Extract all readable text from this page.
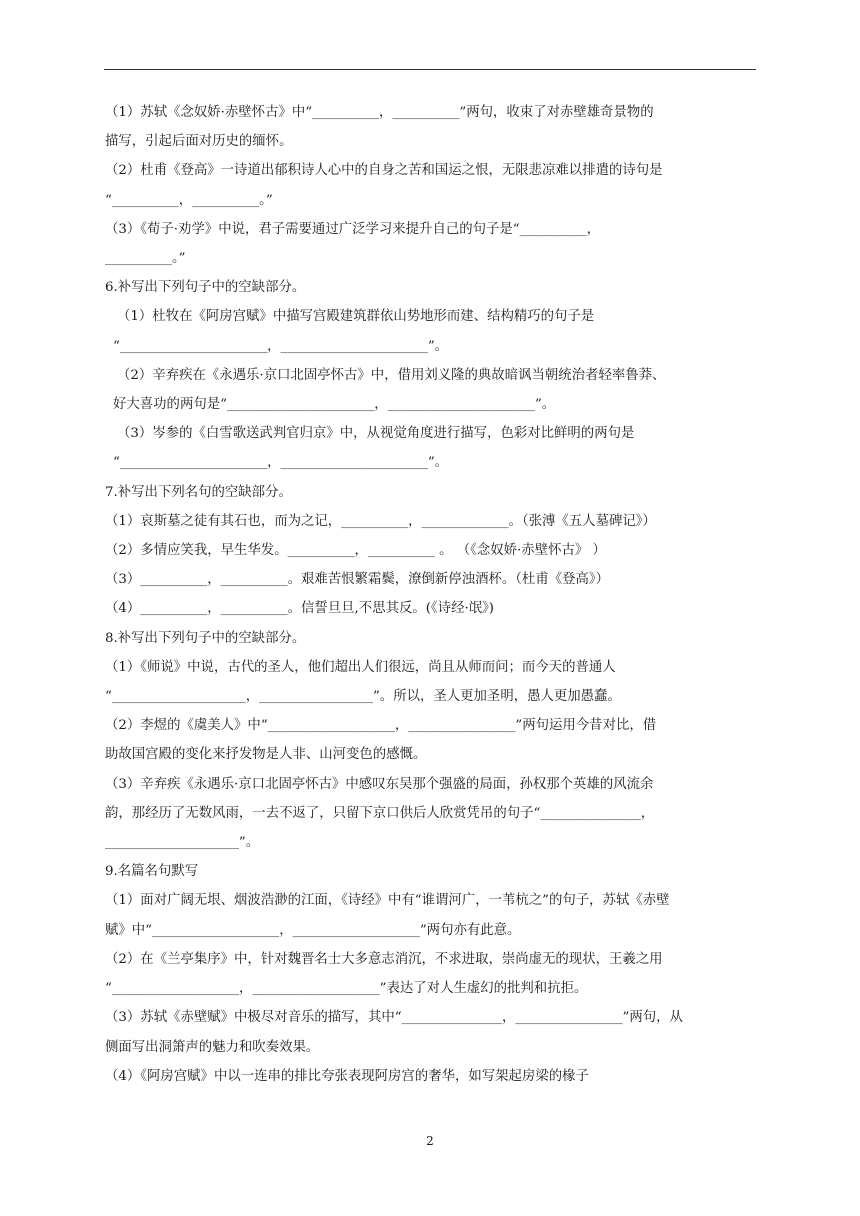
（1）苏轼《念奴娇·赤壁怀古》中“__________，__________”两句，收束了对赤壁雄奇景物的
描写，引起后面对历史的缅怀。
（2）杜甫《登高》一诗道出郁积诗人心中的自身之苦和国运之恨，无限悲凉难以排遣的诗句是
“__________，__________。”
（3）《荀子·劝学》中说，君子需要通过广泛学习来提升自己的句子是“__________，
__________。”
6.补写出下列句子中的空缺部分。
（1）杜牧在《阿房宫赋》中描写宫殿建筑群依山势地形而建、结构精巧的句子是
“______________________，______________________”。
（2）辛弃疾在《永遇乐·京口北固亭怀古》中，借用刘义隆的典故暗讽当朝统治者轻率鲁莽、
好大喜功的两句是“______________________，______________________”。
（3）岑参的《白雪歌送武判官归京》中，从视觉角度进行描写，色彩对比鲜明的两句是
“______________________，______________________”。
7.补写出下列名句的空缺部分。
（1）哀斯墓之徒有其石也，而为之记，__________，_____________。（张溥《五人墓碑记》）
（2）多情应笑我，早生华发。__________，__________ 。 （《念奴娇·赤壁怀古》 ）
（3）__________，__________。艰难苦恨繁霜鬓，潦倒新停浊酒杯。（杜甫《登高》）
（4）__________，__________。信誓旦旦,不思其反。(《诗经·氓》)
8.补写出下列句子中的空缺部分。
（1）《师说》中说，古代的圣人，他们超出人们很远，尚且从师而问；而今天的普通人
“____________________，_________________”。所以，圣人更加圣明，愚人更加愚蠢。
（2）李煜的《虞美人》中“___________________，________________”两句运用今昔对比，借
助故国宫殿的变化来抒发物是人非、山河变色的感慨。
（3）辛弃疾《永遇乐·京口北固亭怀古》中感叹东吴那个强盛的局面，孙权那个英雄的风流余
韵，那经历了无数风雨，一去不返了，只留下京口供后人欣赏凭吊的句子“_______________，
____________________”。
9.名篇名句默写
（1）面对广阔无垠、烟波浩渺的江面，《诗经》中有“谁谓河广，一苇杭之”的句子，苏轼《赤壁
赋》中“___________________，___________________”两句亦有此意。
（2）在《兰亭集序》中，针对魏晋名士大多意志消沉，不求进取，崇尚虚无的现状，王羲之用
“___________________，___________________”表达了对人生虚幻的批判和抗拒。
（3）苏轼《赤壁赋》中极尽对音乐的描写，其中“_______________，________________”两句，从
侧面写出洞箫声的魅力和吹奏效果。
（4）《阿房宫赋》中以一连串的排比夸张表现阿房宫的奢华，如写架起房梁的椽子
2
